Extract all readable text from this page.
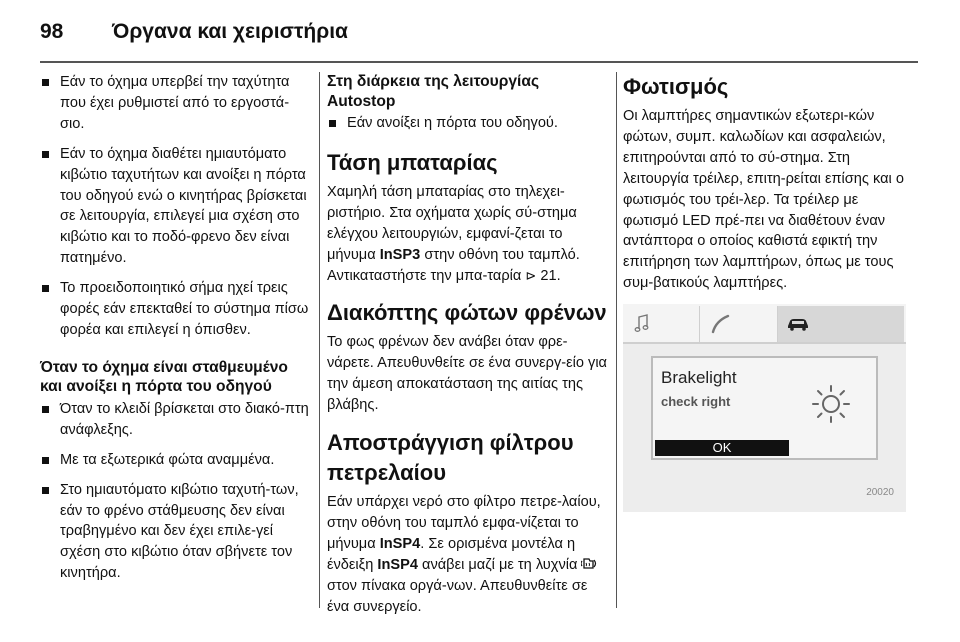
98 Όργανα και χειριστήρια
Εάν το όχημα υπερβεί την ταχύτητα που έχει ρυθμιστεί από το εργοστά-σιο.
Εάν το όχημα διαθέτει ημιαυτόματο κιβώτιο ταχυτήτων και ανοίξει η πόρτα του οδηγού ενώ ο κινητήρας βρίσκεται σε λειτουργία, επιλεγεί μια σχέση στο κιβώτιο και το ποδό-φρενο δεν είναι πατημένο.
Το προειδοποιητικό σήμα ηχεί τρεις φορές εάν επεκταθεί το σύστημα πίσω φορέα και επιλεγεί η όπισθεν.
Όταν το όχημα είναι σταθμευμένο και ανοίξει η πόρτα του οδηγού
Όταν το κλειδί βρίσκεται στο διακό-πτη ανάφλεξης.
Με τα εξωτερικά φώτα αναμμένα.
Στο ημιαυτόματο κιβώτιο ταχυτή-των, εάν το φρένο στάθμευσης δεν είναι τραβηγμένο και δεν έχει επιλε-γεί σχέση στο κιβώτιο όταν σβήνετε τον κινητήρα.
Στη διάρκεια της λειτουργίας Autostop
Εάν ανοίξει η πόρτα του οδηγού.
Τάση μπαταρίας
Χαμηλή τάση μπαταρίας στο τηλεχει-ριστήριο. Στα οχήματα χωρίς σύ-στημα ελέγχου λειτουργιών, εμφανί-ζεται το μήνυμα InSP3 στην οθόνη του ταμπλό. Αντικαταστήστε την μπα-ταρία ⊳ 21.
Διακόπτης φώτων φρένων
Το φως φρένων δεν ανάβει όταν φρε-νάρετε. Απευθυνθείτε σε ένα συνεργ-είο για την άμεση αποκατάσταση της αιτίας της βλάβης.
Αποστράγγιση φίλτρου πετρελαίου
Εάν υπάρχει νερό στο φίλτρο πετρε-λαίου, στην οθόνη του ταμπλό εμφα-νίζεται το μήνυμα InSP4. Σε ορισμένα μοντέλα η ένδειξη InSP4 ανάβει μαζί με τη λυχνία  στον πίνακα οργά-νων. Απευθυνθείτε σε ένα συνεργείο.
Φωτισμός
Οι λαμπτήρες σημαντικών εξωτερι-κών φώτων, συμπ. καλωδίων και ασφαλειών, επιτηρούνται από το σύ-στημα. Στη λειτουργία τρέιλερ, επιτη-ρείται επίσης και ο φωτισμός του τρέι-λερ. Τα τρέιλερ με φωτισμό LED πρέ-πει να διαθέτουν έναν αντάπτορα ο οποίος καθιστά εφικτή την επιτήρηση των λαμπτήρων, όπως με τους συμ-βατικούς λαμπτήρες.
Brakelight
check right
OK
20020
